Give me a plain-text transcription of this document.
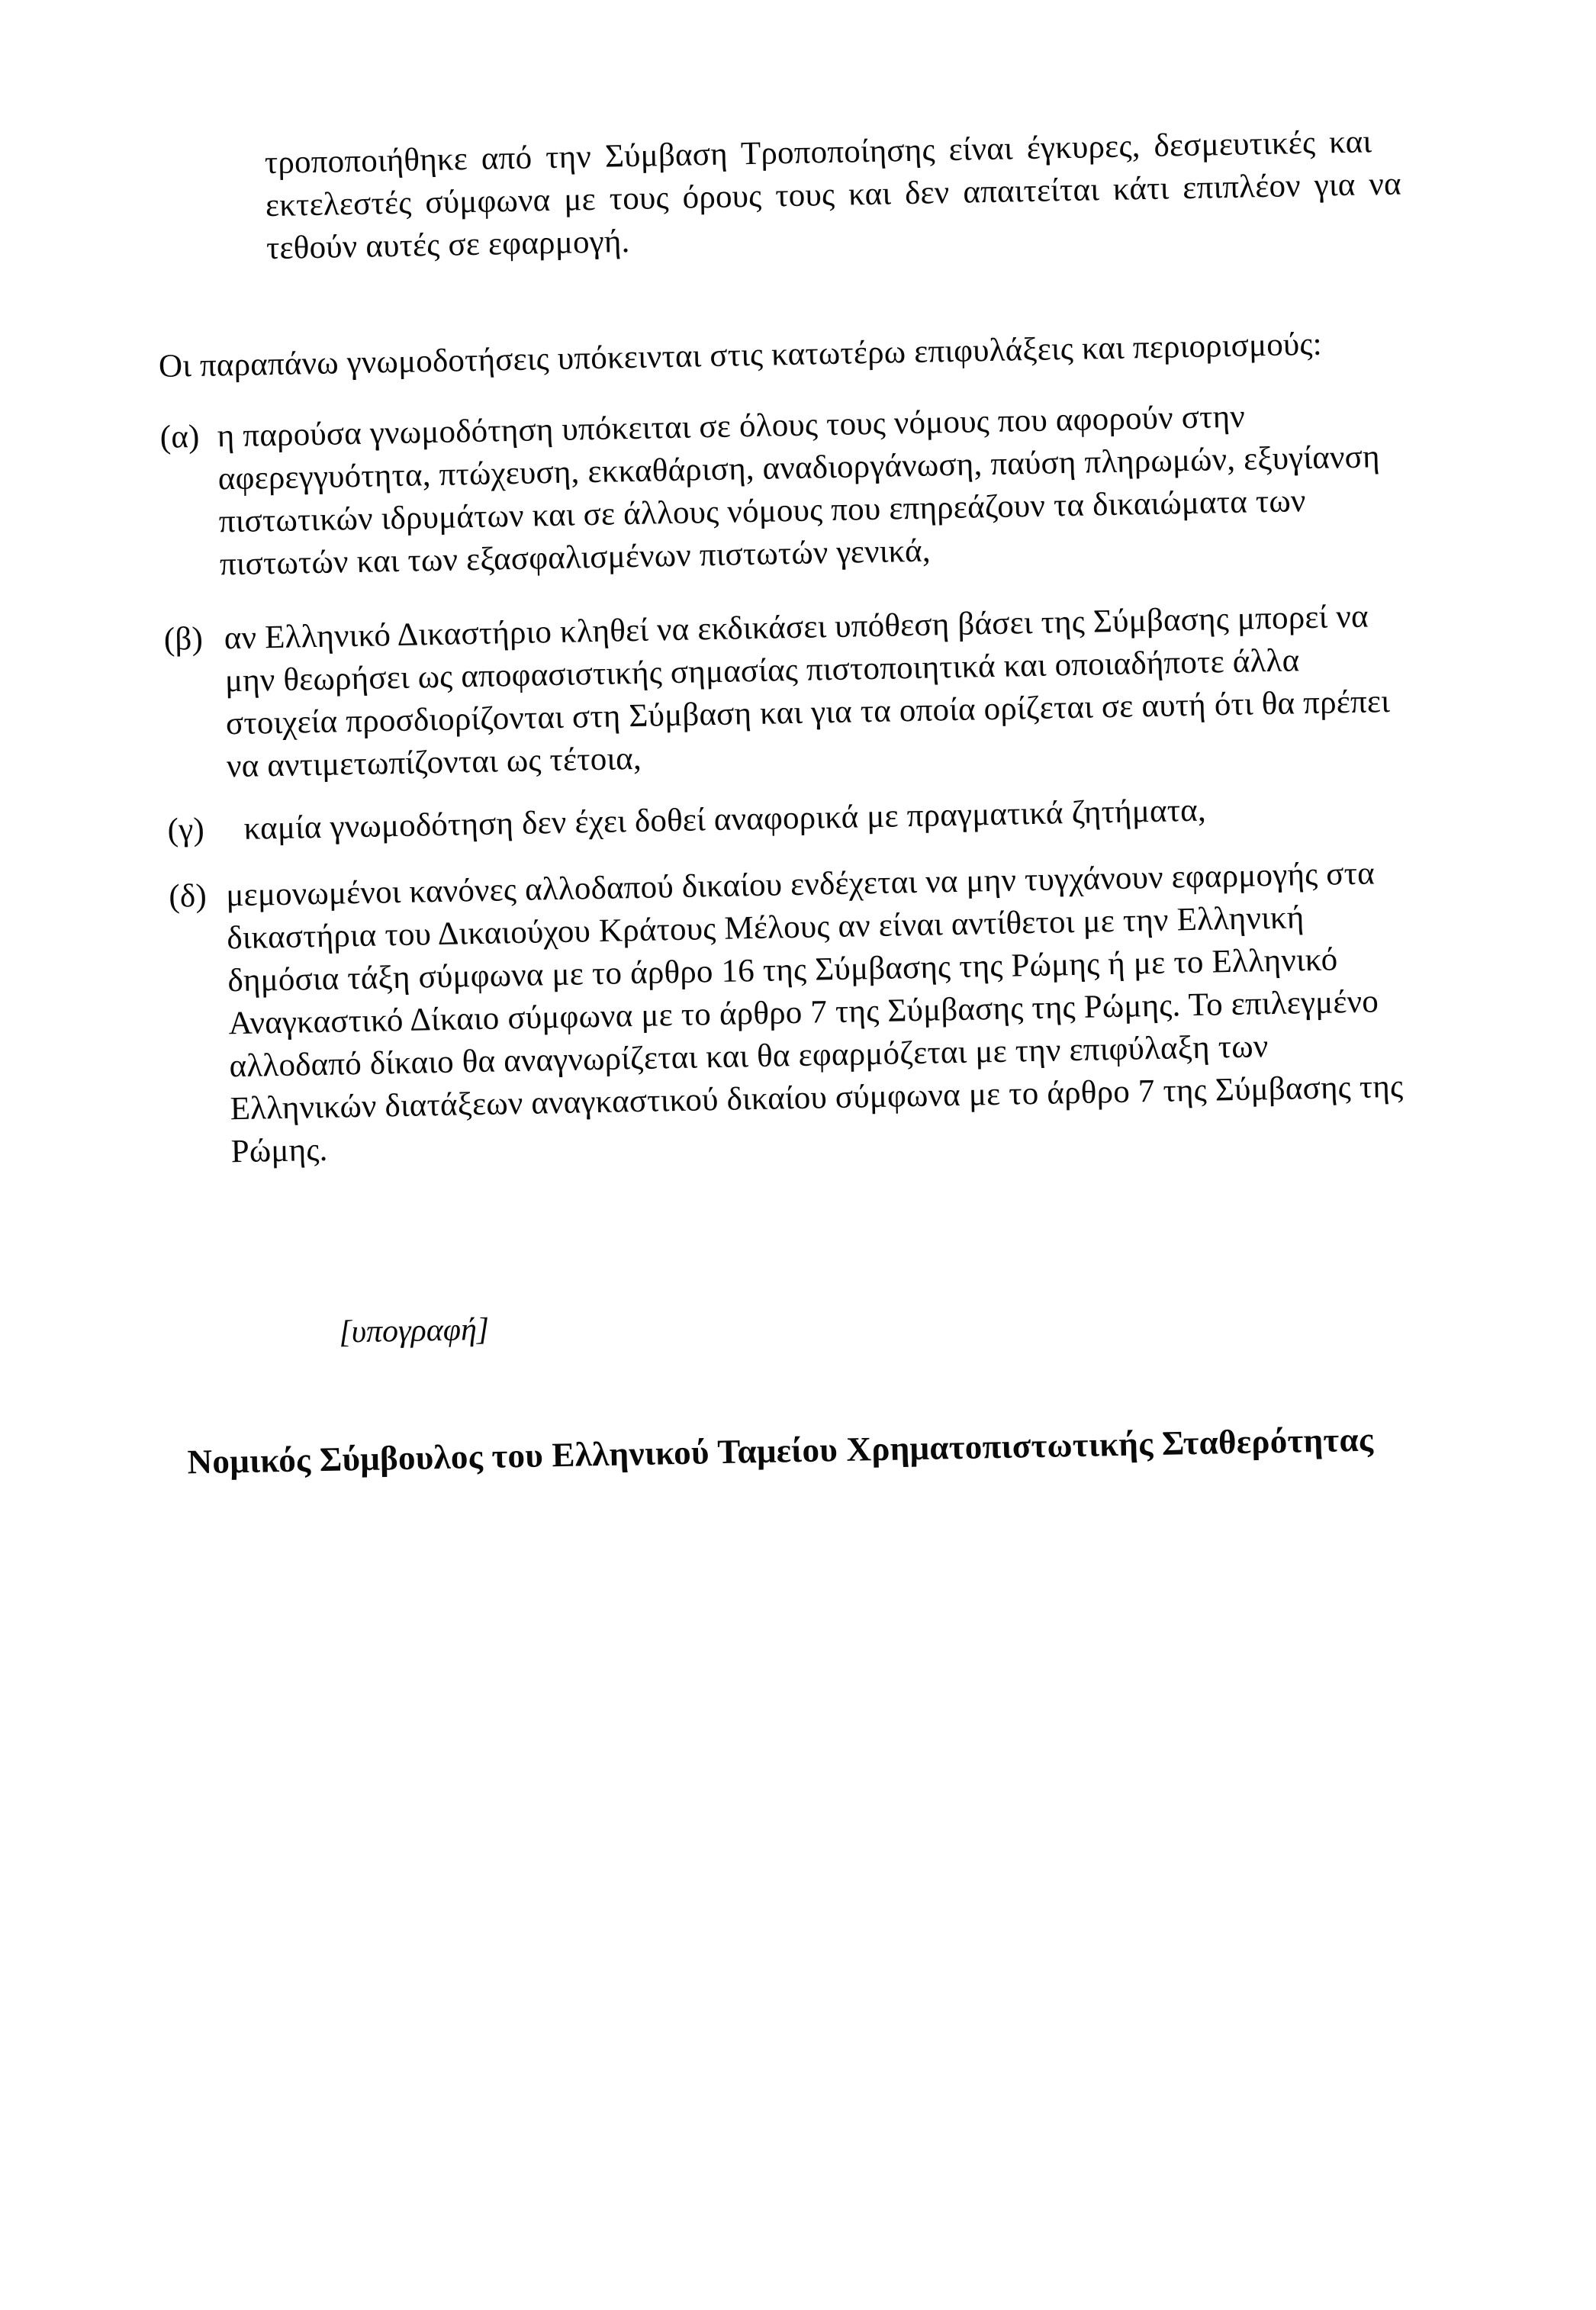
τροποποιήθηκε από την Σύμβαση Τροποποίησης είναι έγκυρες, δεσμευτικές και
εκτελεστές σύμφωνα με τους όρους τους και δεν απαιτείται κάτι επιπλέον για να
τεθούν αυτές σε εφαρμογή.
Οι παραπάνω γνωμοδοτήσεις υπόκεινται στις κατωτέρω επιφυλάξεις και περιορισμούς:
(α) η παρούσα γνωμοδότηση υπόκειται σε όλους τους νόμους που αφορούν στην
αφερεγγυότητα, πτώχευση, εκκαθάριση, αναδιοργάνωση, παύση πληρωμών, εξυγίανση
πιστωτικών ιδρυμάτων και σε άλλους νόμους που επηρεάζουν τα δικαιώματα των
πιστωτών και των εξασφαλισμένων πιστωτών γενικά,
(β) αν Ελληνικό Δικαστήριο κληθεί να εκδικάσει υπόθεση βάσει της Σύμβασης μπορεί να
μην θεωρήσει ως αποφασιστικής σημασίας πιστοποιητικά και οποιαδήποτε άλλα
στοιχεία προσδιορίζονται στη Σύμβαση και για τα οποία ορίζεται σε αυτή ότι θα πρέπει
να αντιμετωπίζονται ως τέτοια,
(γ) καμία γνωμοδότηση δεν έχει δοθεί αναφορικά με πραγματικά ζητήματα,
(δ) μεμονωμένοι κανόνες αλλοδαπού δικαίου ενδέχεται να μην τυγχάνουν εφαρμογής στα
δικαστήρια του Δικαιούχου Κράτους Μέλους αν είναι αντίθετοι με την Ελληνική
δημόσια τάξη σύμφωνα με το άρθρο 16 της Σύμβασης της Ρώμης ή με το Ελληνικό
Αναγκαστικό Δίκαιο σύμφωνα με το άρθρο 7 της Σύμβασης της Ρώμης. Το επιλεγμένο
αλλοδαπό δίκαιο θα αναγνωρίζεται και θα εφαρμόζεται με την επιφύλαξη των
Ελληνικών διατάξεων αναγκαστικού δικαίου σύμφωνα με το άρθρο 7 της Σύμβασης της
Ρώμης.
[υπογραφή]
Νομικός Σύμβουλος του Ελληνικού Ταμείου Χρηματοπιστωτικής Σταθερότητας
